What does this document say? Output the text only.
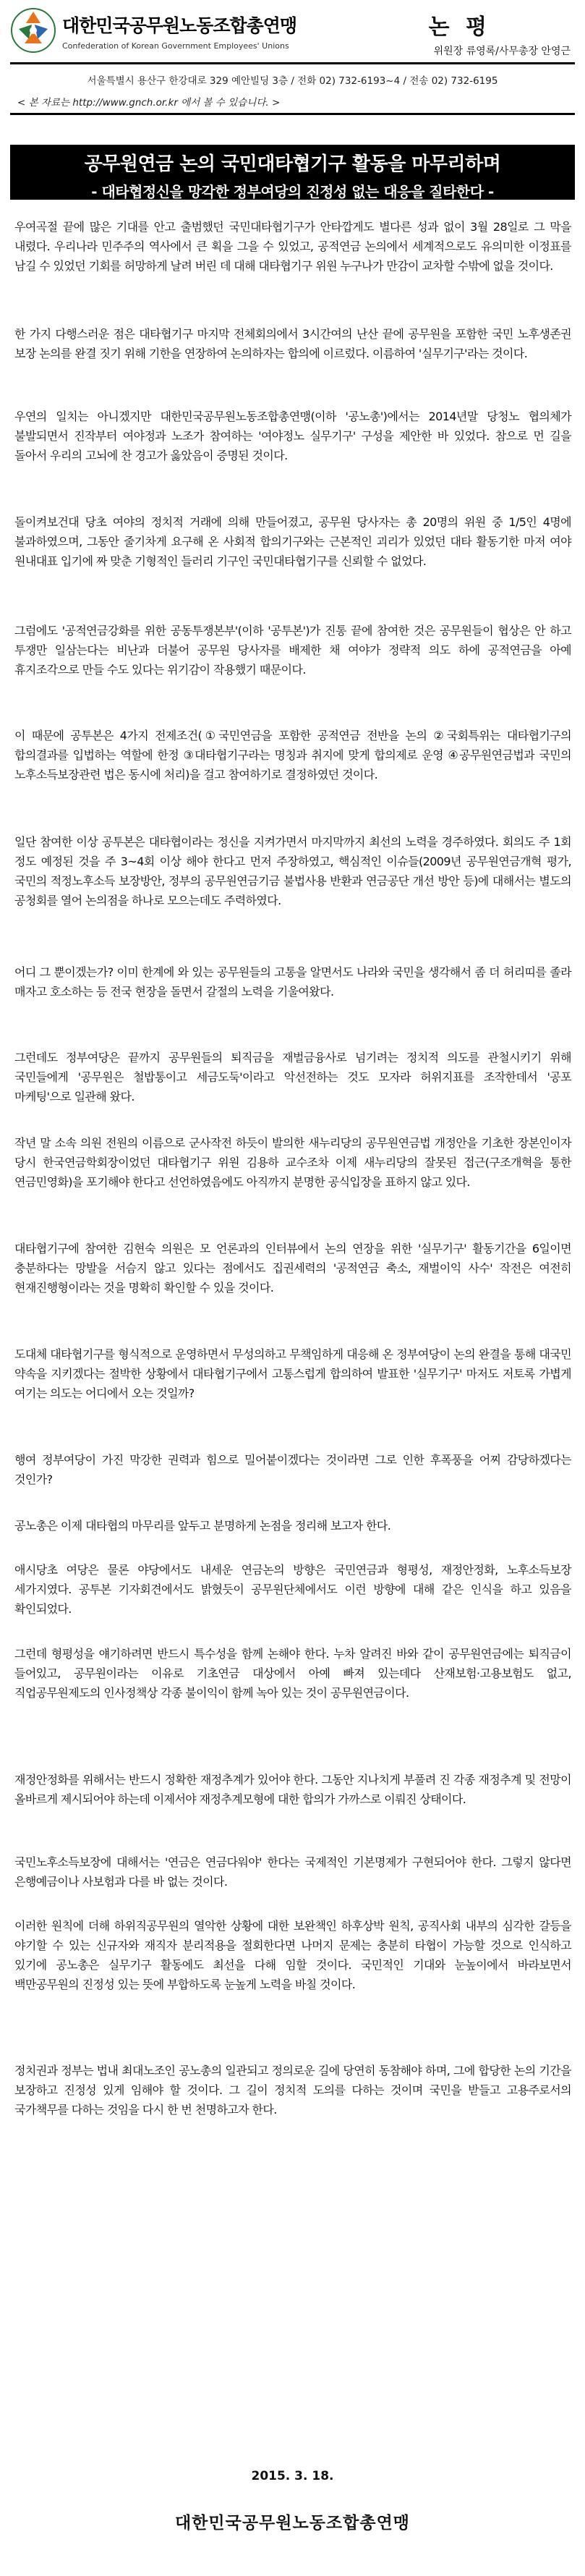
대한민국공무원노동조합총연맹
Confederation of Korean Government Employees' Unions
논 평
위원장 류영록/사무총장 안영근
서울특별시 용산구 한강대로 329 예안빌딩 3층 / 전화 02) 732-6193~4 / 전송 02) 732-6195
< 본 자료는 http://www.gnch.or.kr 에서 볼 수 있습니다. >
공무원연금 논의 국민대타협기구 활동을 마무리하며
- 대타협정신을 망각한 정부여당의 진정성 없는 대응을 질타한다 -
우여곡절 끝에 많은 기대를 안고 출범했던 국민대타협기구가 안타깝게도 별다른 성과 없이 3월 28일로 그 막을 내렸다. 우리나라 민주주의 역사에서 큰 획을 그을 수 있었고, 공적연금 논의에서 세계적으로도 유의미한 이정표를 남길 수 있었던 기회를 허망하게 날려 버린 데 대해 대타협기구 위원 누구나가 만감이 교차할 수밖에 없을 것이다.
한 가지 다행스러운 점은 대타협기구 마지막 전체회의에서 3시간여의 난산 끝에 공무원을 포함한 국민 노후생존권 보장 논의를 완결 짓기 위해 기한을 연장하여 논의하자는 합의에 이르렀다. 이름하여 '실무기구'라는 것이다.
우연의 일치는 아니겠지만 대한민국공무원노동조합총연맹(이하 '공노총')에서는 2014년말 당청노 협의체가 불발되면서 진작부터 여야정과 노조가 참여하는 '여야정노 실무기구' 구성을 제안한 바 있었다. 참으로 먼 길을 돌아서 우리의 고뇌에 찬 경고가 옳았음이 증명된 것이다.
돌이켜보건대 당초 여야의 정치적 거래에 의해 만들어졌고, 공무원 당사자는 총 20명의 위원 중 1/5인 4명에 불과하였으며, 그동안 줄기차게 요구해 온 사회적 합의기구와는 근본적인 괴리가 있었던 대타 활동기한 마저 여야 원내대표 입기에 짜 맞춘 기형적인 들러리 기구인 국민대타협기구를 신뢰할 수 없었다.
그럼에도 '공적연금강화를 위한 공동투쟁본부'(이하 '공투본')가 진통 끝에 참여한 것은 공무원들이 협상은 안 하고 투쟁만 일삼는다는 비난과 더불어 공무원 당사자를 배제한 채 여야가 정략적 의도 하에 공적연금을 아예 휴지조각으로 만들 수도 있다는 위기감이 작용했기 때문이다.
이 때문에 공투본은 4가지 전제조건(①국민연금을 포함한 공적연금 전반을 논의 ②국회특위는 대타협기구의 합의결과를 입법하는 역할에 한정 ③대타협기구라는 명칭과 취지에 맞게 합의제로 운영 ④공무원연금법과 국민의 노후소득보장관련 법은 동시에 처리)을 걸고 참여하기로 결정하였던 것이다.
일단 참여한 이상 공투본은 대타협이라는 정신을 지켜가면서 마지막까지 최선의 노력을 경주하였다. 회의도 주 1회 정도 예정된 것을 주 3~4회 이상 해야 한다고 먼저 주장하였고, 핵심적인 이슈들(2009년 공무원연금개혁 평가, 국민의 적정노후소득 보장방안, 정부의 공무원연금기금 불법사용 반환과 연금공단 개선 방안 등)에 대해서는 별도의 공청회를 열어 논의점을 하나로 모으는데도 주력하였다.
어디 그 뿐이겠는가? 이미 한계에 와 있는 공무원들의 고통을 알면서도 나라와 국민을 생각해서 좀 더 허리띠를 졸라 매자고 호소하는 등 전국 현장을 돌면서 갈절의 노력을 기울여왔다.
그런데도 정부여당은 끝까지 공무원들의 퇴직금을 재벌금융사로 넘기려는 정치적 의도를 관철시키기 위해 국민들에게 '공무원은 철밥통이고 세금도둑'이라고 악선전하는 것도 모자라 허위지표를 조작한데서 '공포 마케팅'으로 일관해 왔다.
작년 말 소속 의원 전원의 이름으로 군사작전 하듯이 발의한 새누리당의 공무원연금법 개정안을 기초한 장본인이자 당시 한국연금학회장이었던 대타협기구 위원 김용하 교수조차 이제 새누리당의 잘못된 접근(구조개혁을 통한 연금민영화)을 포기해야 한다고 선언하였음에도 아직까지 분명한 공식입장을 표하지 않고 있다.
대타협기구에 참여한 김현숙 의원은 모 언론과의 인터뷰에서 논의 연장을 위한 '실무기구' 활동기간을 6일이면 충분하다는 망발을 서슴지 않고 있다는 점에서도 집권세력의 '공적연금 축소, 재벌이익 사수' 작전은 여전히 현재진행형이라는 것을 명확히 확인할 수 있을 것이다.
도대체 대타협기구를 형식적으로 운영하면서 무성의하고 무책임하게 대응해 온 정부여당이 논의 완결을 통해 대국민 약속을 지키겠다는 절박한 상황에서 대타협기구에서 고통스럽게 합의하여 발표한 '실무기구' 마저도 저토록 가볍게 여기는 의도는 어디에서 오는 것일까?
행여 정부여당이 가진 막강한 권력과 힘으로 밀어붙이겠다는 것이라면 그로 인한 후폭풍을 어찌 감당하겠다는 것인가?
공노총은 이제 대타협의 마무리를 앞두고 분명하게 논점을 정리해 보고자 한다.
애시당초 여당은 물론 야당에서도 내세운 연금논의 방향은 국민연금과 형평성, 재정안정화, 노후소득보장 세가지였다. 공투본 기자회견에서도 밝혔듯이 공무원단체에서도 이런 방향에 대해 같은 인식을 하고 있음을 확인되었다.
그런데 형평성을 얘기하려면 반드시 특수성을 함께 논해야 한다. 누차 알려진 바와 같이 공무원연금에는 퇴직금이 들어있고, 공무원이라는 이유로 기초연금 대상에서 아예 빠져 있는데다 산재보험·고용보험도 없고, 직업공무원제도의 인사정책상 각종 불이익이 함께 녹아 있는 것이 공무원연금이다.
재정안정화를 위해서는 반드시 정확한 재정추계가 있어야 한다. 그동안 지나치게 부풀려 진 각종 재정추계 및 전망이 올바르게 제시되어야 하는데 이제서야 재정추계모형에 대한 합의가 가까스로 이뤄진 상태이다.
국민노후소득보장에 대해서는 '연금은 연금다워야' 한다는 국제적인 기본명제가 구현되어야 한다. 그렇지 않다면 은행예금이나 사보험과 다를 바 없는 것이다.
이러한 원칙에 더해 하위직공무원의 열악한 상황에 대한 보완책인 하후상박 원칙, 공직사회 내부의 심각한 갈등을 야기할 수 있는 신규자와 재직자 분리적용을 절회한다면 나머지 문제는 충분히 타협이 가능할 것으로 인식하고 있기에 공노총은 실무기구 활동에도 최선을 다해 임할 것이다. 국민적인 기대와 눈높이에서 바라보면서 백만공무원의 진정성 있는 뜻에 부합하도록 눈높게 노력을 바칠 것이다.
정치권과 정부는 법내 최대노조인 공노총의 일관되고 정의로운 길에 당연히 동참해야 하며, 그에 합당한 논의 기간을 보장하고 진정성 있게 임해야 할 것이다. 그 길이 정치적 도의를 다하는 것이며 국민을 받들고 고용주로서의 국가책무를 다하는 것임을 다시 한 번 천명하고자 한다.
2015. 3. 18.
대한민국공무원노동조합총연맹
